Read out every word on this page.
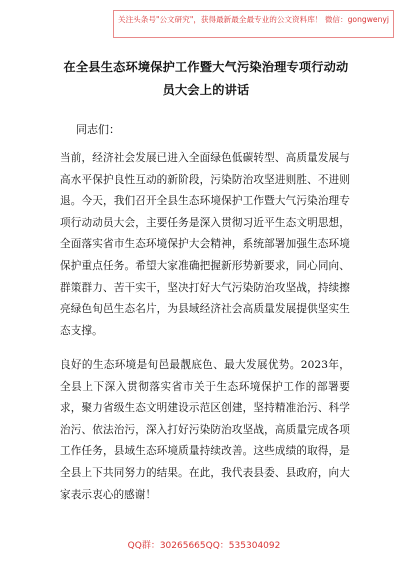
关注头条号"公文研究"，获得最新最全最专业的公文资料库！ 微信：gongwenyj
在全县生态环境保护工作暨大气污染治理专项行动动员大会上的讲话
同志们：

当前，经济社会发展已进入全面绿色低碳转型、高质量发展与高水平保护良性互动的新阶段，污染防治攻坚进则胜、不进则退。今天，我们召开全县生态环境保护工作暨大气污染治理专项行动动员大会，主要任务是深入贯彻习近平生态文明思想，全面落实省市生态环境保护大会精神，系统部署加强生态环境保护重点任务。希望大家准确把握新形势新要求，同心同向、群策群力、苦干实干，坚决打好大气污染防治攻坚战，持续擦亮绿色旬邑生态名片，为县域经济社会高质量发展提供坚实生态支撑。

良好的生态环境是旬邑最靓底色、最大发展优势。2023年，全县上下深入贯彻落实省市关于生态环境保护工作的部署要求，聚力省级生态文明建设示范区创建，坚持精准治污、科学治污、依法治污，深入打好污染防治攻坚战，高质量完成各项工作任务，县域生态环境质量持续改善。这些成绩的取得，是全县上下共同努力的结果。在此，我代表县委、县政府，向大家表示衷心的感谢！

QQ群：30265665QQ：535304092
